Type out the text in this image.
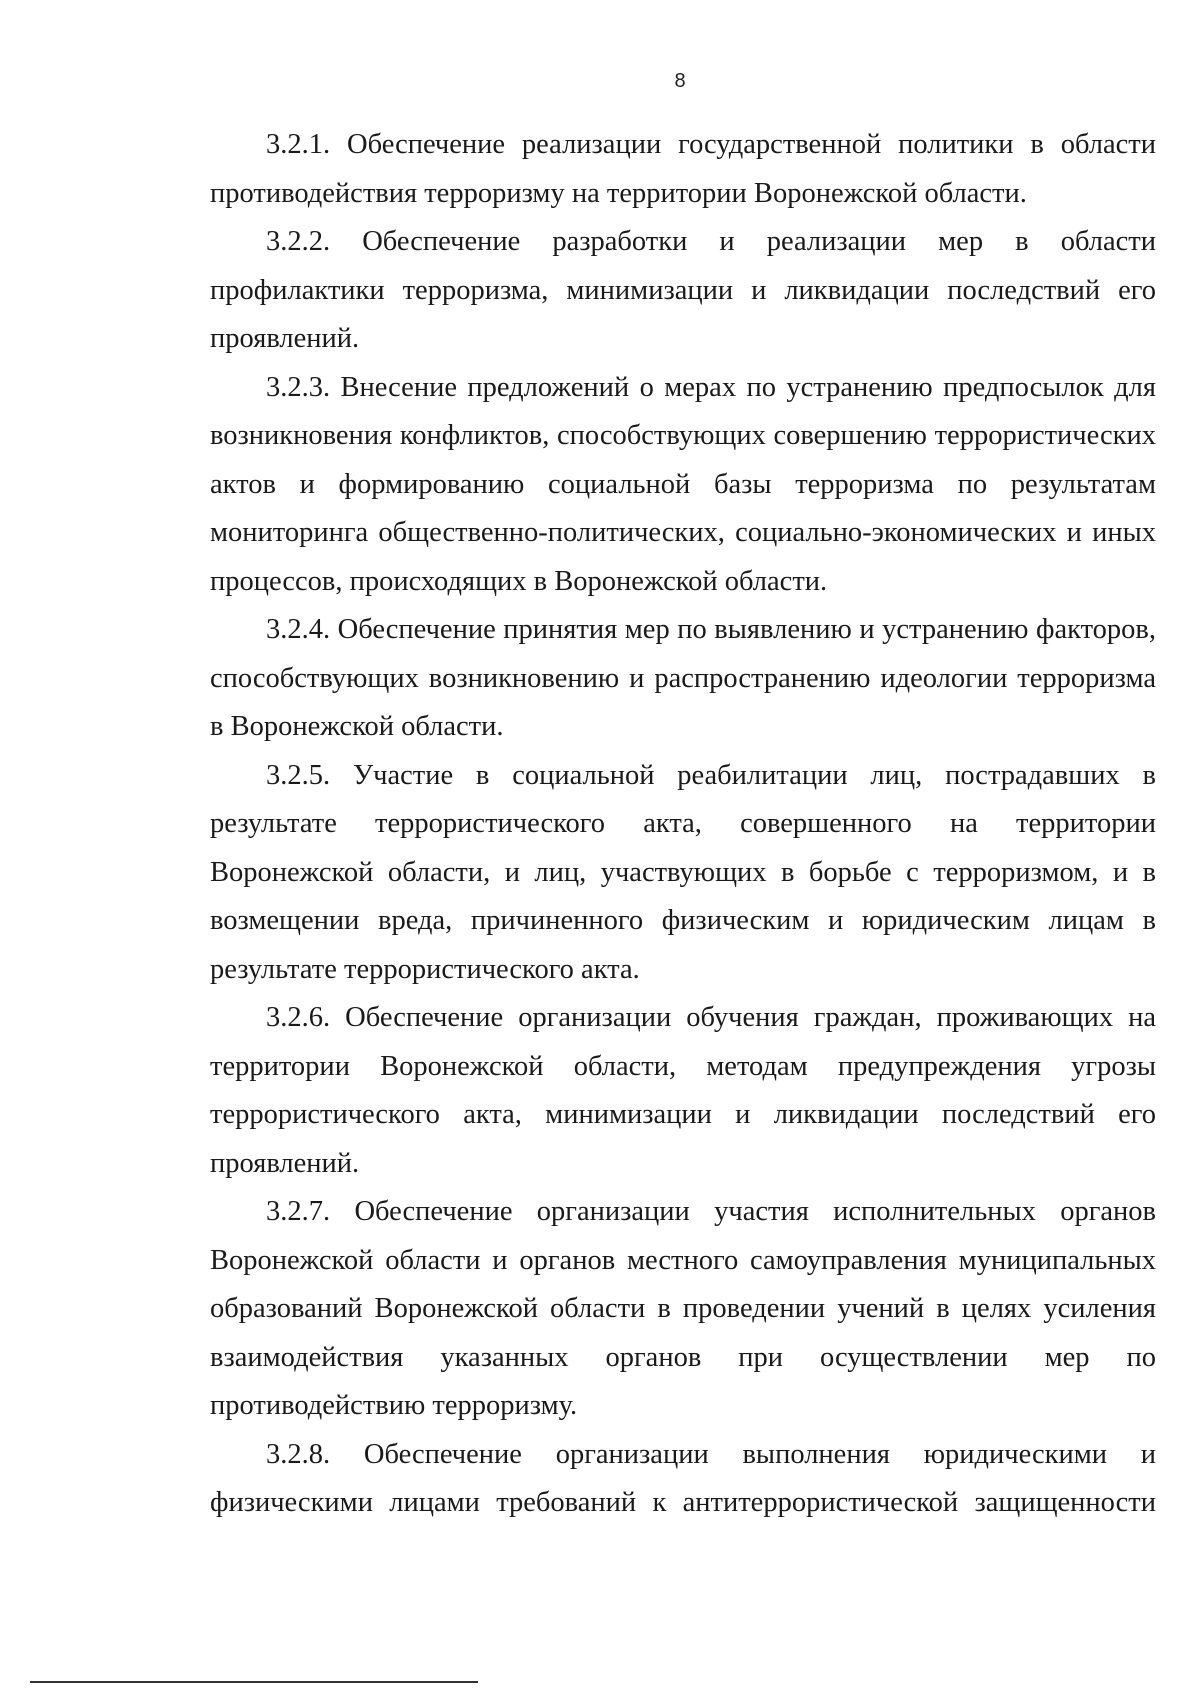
8

3.2.1. Обеспечение реализации государственной политики в области противодействия терроризму на территории Воронежской области.

3.2.2. Обеспечение разработки и реализации мер в области профилактики терроризма, минимизации и ликвидации последствий его проявлений.

3.2.3. Внесение предложений о мерах по устранению предпосылок для возникновения конфликтов, способствующих совершению террористических актов и формированию социальной базы терроризма по результатам мониторинга общественно-политических, социально-экономических и иных процессов, происходящих в Воронежской области.

3.2.4. Обеспечение принятия мер по выявлению и устранению факторов, способствующих возникновению и распространению идеологии терроризма в Воронежской области.

3.2.5. Участие в социальной реабилитации лиц, пострадавших в результате террористического акта, совершенного на территории Воронежской области, и лиц, участвующих в борьбе с терроризмом, и в возмещении вреда, причиненного физическим и юридическим лицам в результате террористического акта.

3.2.6. Обеспечение организации обучения граждан, проживающих на территории Воронежской области, методам предупреждения угрозы террористического акта, минимизации и ликвидации последствий его проявлений.

3.2.7. Обеспечение организации участия исполнительных органов Воронежской области и органов местного самоуправления муниципальных образований Воронежской области в проведении учений в целях усиления взаимодействия указанных органов при осуществлении мер по противодействию терроризму.

3.2.8. Обеспечение организации выполнения юридическими и физическими лицами требований к антитеррористической защищенности
